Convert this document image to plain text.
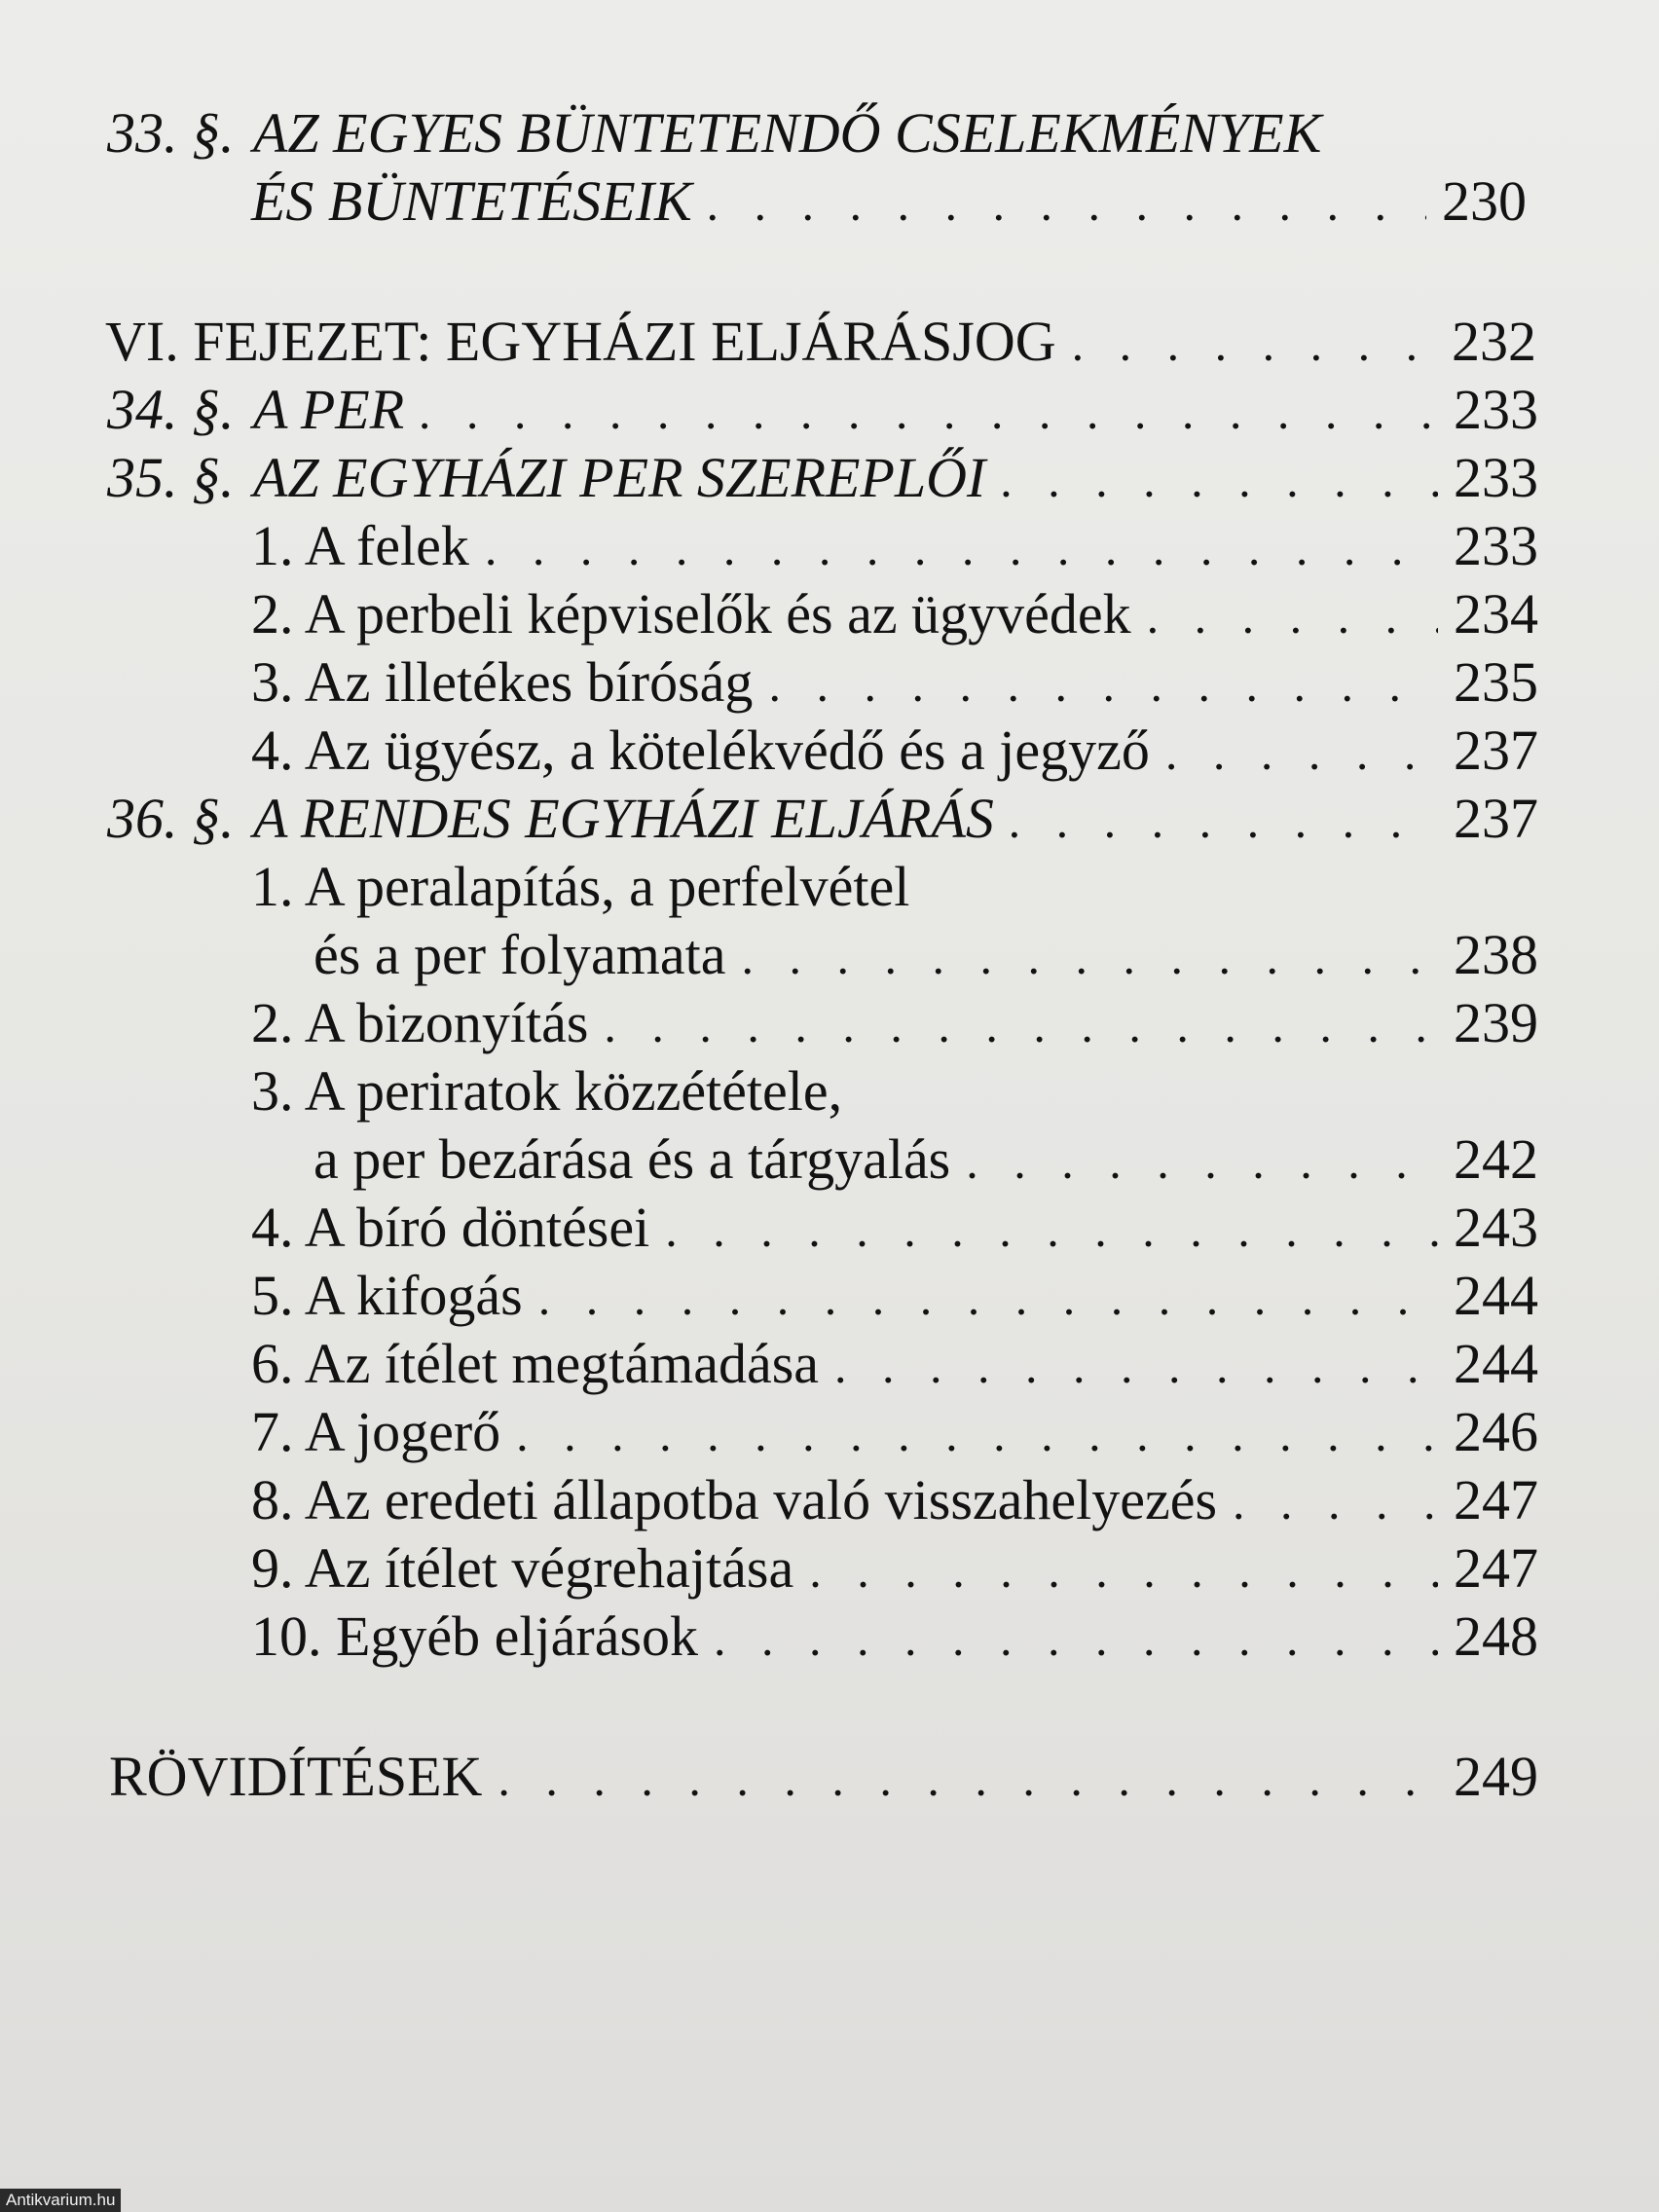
33. §. AZ EGYES BÜNTETENDŐ CSELEKMÉNYEK
ÉS BÜNTETÉSEIK . . .	230
VI. FEJEZET: EGYHÁZI ELJÁRÁSJOG . . .	232
34. §. A PER . . .	233
35. §. AZ EGYHÁZI PER SZEREPLŐI . . .	233
1. A felek . . .	233
2. A perbeli képviselők és az ügyvédek . . .	234
3. Az illetékes bíróság . . .	235
4. Az ügyész, a kötelékvédő és a jegyző . . .	237
36. §. A RENDES EGYHÁZI ELJÁRÁS . . .	237
1. A peralapítás, a perfelvétel
és a per folyamata . . .	238
2. A bizonyítás . . .	239
3. A periratok közzététele,
a per bezárása és a tárgyalás . . .	242
4. A bíró döntései . . .	243
5. A kifogás . . .	244
6. Az ítélet megtámadása . . .	244
7. A jogerő . . .	246
8. Az eredeti állapotba való visszahelyezés . . .	247
9. Az ítélet végrehajtása . . .	247
10. Egyéb eljárások . . .	248
RÖVIDÍTÉSEK . . .	249
Antikvarium.hu
